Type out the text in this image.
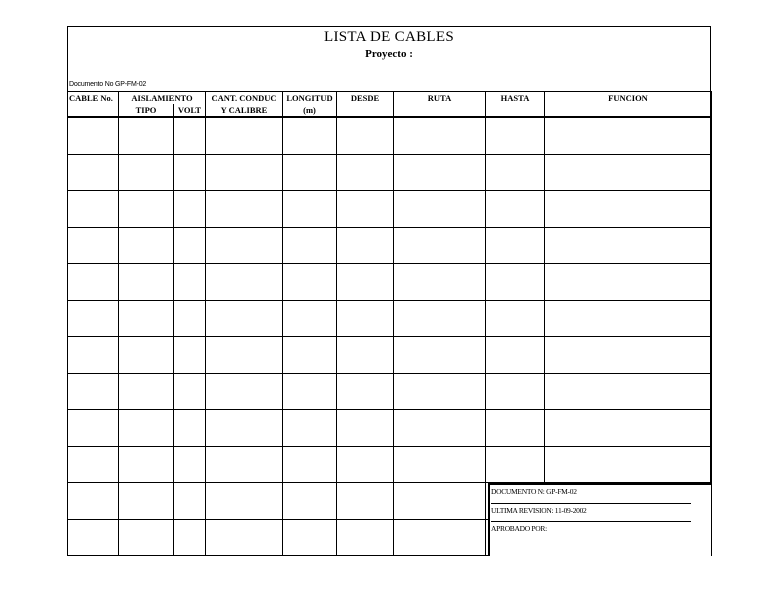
LISTA DE CABLES
Proyecto :
Documento No GP-FM-02
CABLE No.	AISLAMIENTO		CANT. CONDUC	LONGITUD	DESDE	RUTA	HASTA	FUNCION
	TIPO	VOLT	Y CALIBRE	(m)				

DOCUMENTO N: GP-FM-02
ULTIMA REVISION: 11-09-2002
APROBADO POR:
